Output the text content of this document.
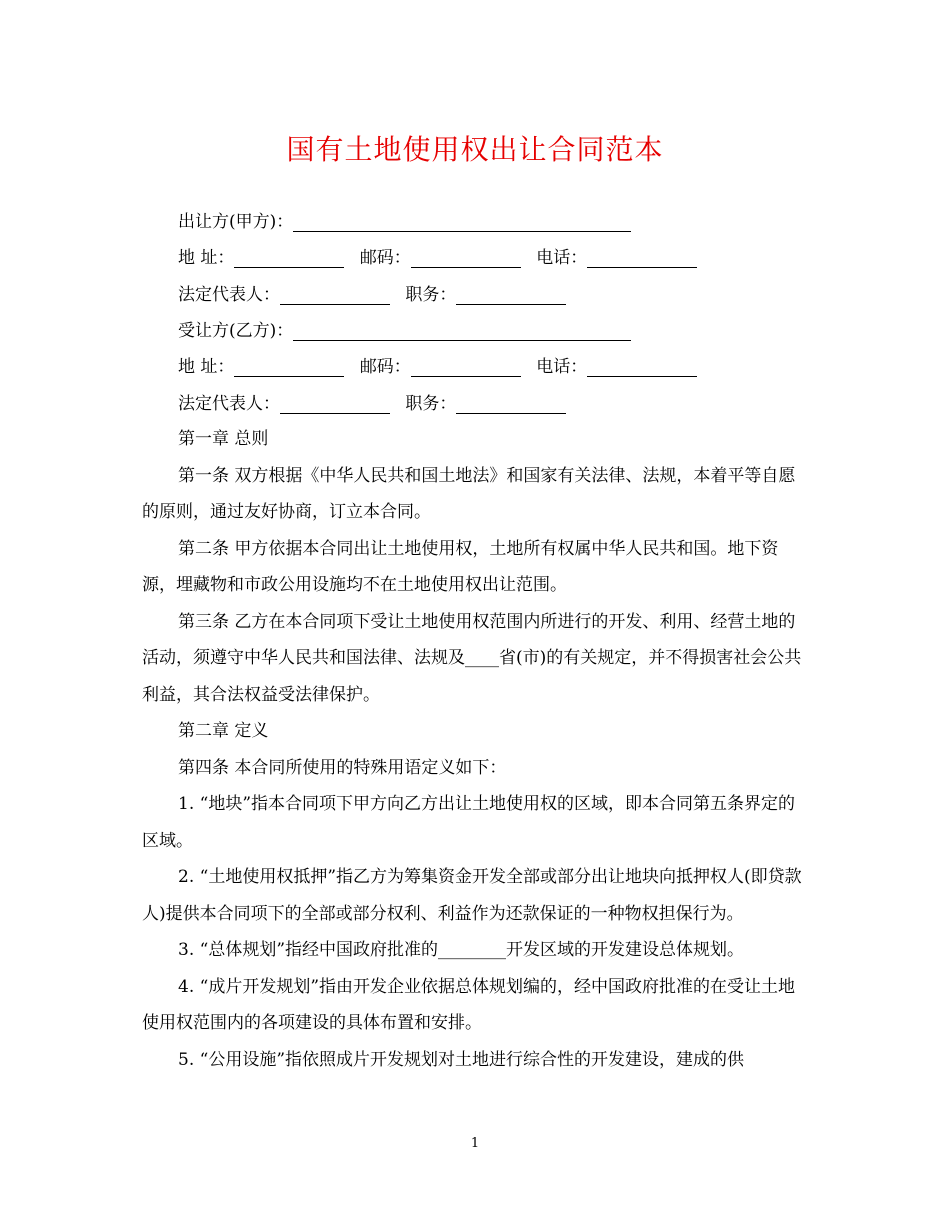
国有土地使用权出让合同范本
出让方(甲方)：
地 址：	邮码：	电话：
法定代表人：	职务：
受让方(乙方)：
地 址：	邮码：	电话：
法定代表人：	职务：

第一章 总则

第一条 双方根据《中华人民共和国土地法》和国家有关法律、法规，本着平等自愿的原则，通过友好协商，订立本合同。

第二条 甲方依据本合同出让土地使用权，土地所有权属中华人民共和国。地下资源，埋藏物和市政公用设施均不在土地使用权出让范围。

第三条 乙方在本合同项下受让土地使用权范围内所进行的开发、利用、经营土地的活动，须遵守中华人民共和国法律、法规及____省(市)的有关规定，并不得损害社会公共利益，其合法权益受法律保护。

第二章 定义

第四条 本合同所使用的特殊用语定义如下：

1. “地块”指本合同项下甲方向乙方出让土地使用权的区域，即本合同第五条界定的区域。

2. “土地使用权抵押”指乙方为筹集资金开发全部或部分出让地块向抵押权人(即贷款人)提供本合同项下的全部或部分权利、利益作为还款保证的一种物权担保行为。

3. “总体规划”指经中国政府批准的________开发区域的开发建设总体规划。

4. “成片开发规划”指由开发企业依据总体规划编的，经中国政府批准的在受让土地使用权范围内的各项建设的具体布置和安排。

5. “公用设施”指依照成片开发规划对土地进行综合性的开发建设，建成的供

1
